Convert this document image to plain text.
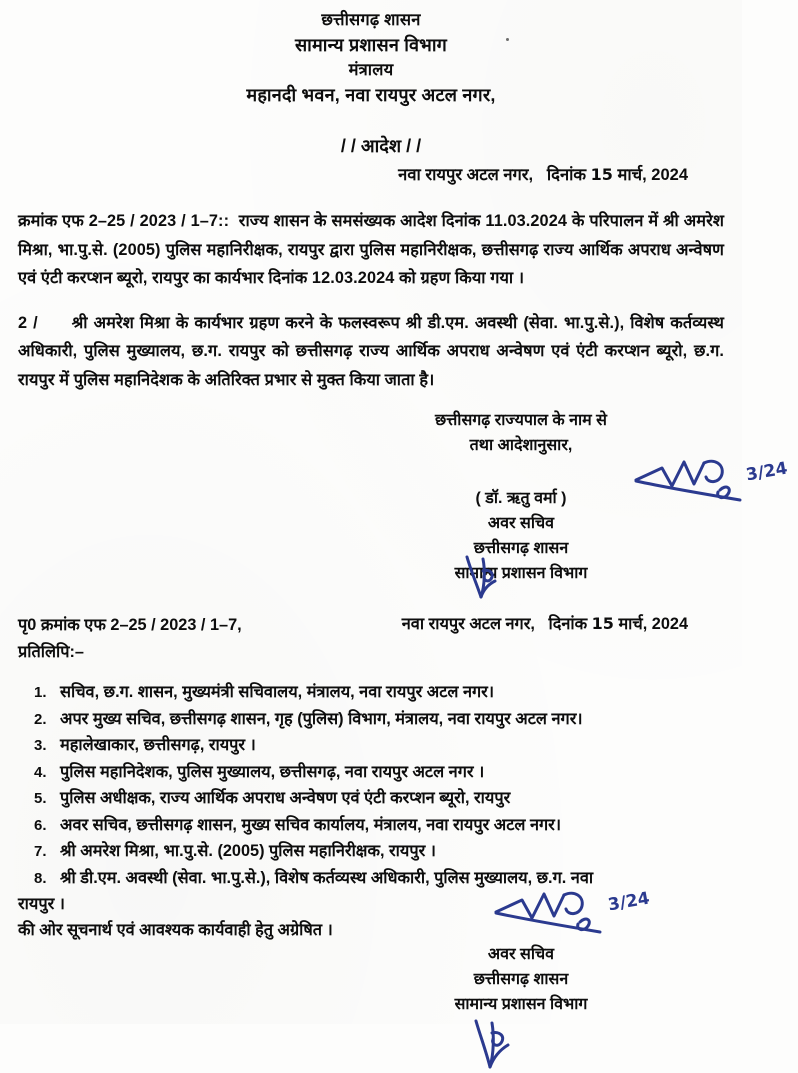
छत्तीसगढ़ शासन
सामान्य प्रशासन विभाग
मंत्रालय
महानदी भवन, नवा रायपुर अटल नगर,
/ / आदेश / /
नवा रायपुर अटल नगर, दिनांक 15 मार्च, 2024
क्रमांक एफ 2–25 / 2023 / 1–7:: राज्य शासन के समसंख्यक आदेश दिनांक 11.03.2024 के परिपालन में श्री अमरेश मिश्रा, भा.पु.से. (2005) पुलिस महानिरीक्षक, रायपुर द्वारा पुलिस महानिरीक्षक, छत्तीसगढ़ राज्य आर्थिक अपराध अन्वेषण एवं एंटी करप्शन ब्यूरो, रायपुर का कार्यभार दिनांक 12.03.2024 को ग्रहण किया गया ।
2 / श्री अमरेश मिश्रा के कार्यभार ग्रहण करने के फलस्वरूप श्री डी.एम. अवस्थी (सेवा. भा.पु.से.), विशेष कर्तव्यस्थ अधिकारी, पुलिस मुख्यालय, छ.ग. रायपुर को छत्तीसगढ़ राज्य आर्थिक अपराध अन्वेषण एवं एंटी करप्शन ब्यूरो, छ.ग. रायपुर में पुलिस महानिदेशक के अतिरिक्त प्रभार से मुक्त किया जाता है।
छत्तीसगढ़ राज्यपाल के नाम से
तथा आदेशानुसार,
3/24
( डॉ. ऋतु वर्मा )
अवर सचिव
छत्तीसगढ़ शासन
सामान्य प्रशासन विभाग
पृ0 क्रमांक एफ 2–25 / 2023 / 1–7,
प्रतिलिपि:–
नवा रायपुर अटल नगर, दिनांक 15 मार्च, 2024
1. सचिव, छ.ग. शासन, मुख्यमंत्री सचिवालय, मंत्रालय, नवा रायपुर अटल नगर।
2. अपर मुख्य सचिव, छत्तीसगढ़ शासन, गृह (पुलिस) विभाग, मंत्रालय, नवा रायपुर अटल नगर।
3. महालेखाकार, छत्तीसगढ़, रायपुर ।
4. पुलिस महानिदेशक, पुलिस मुख्यालय, छत्तीसगढ़, नवा रायपुर अटल नगर ।
5. पुलिस अधीक्षक, राज्य आर्थिक अपराध अन्वेषण एवं एंटी करप्शन ब्यूरो, रायपुर
6. अवर सचिव, छत्तीसगढ़ शासन, मुख्य सचिव कार्यालय, मंत्रालय, नवा रायपुर अटल नगर।
7. श्री अमरेश मिश्रा, भा.पु.से. (2005) पुलिस महानिरीक्षक, रायपुर ।
8. श्री डी.एम. अवस्थी (सेवा. भा.पु.से.), विशेष कर्तव्यस्थ अधिकारी, पुलिस मुख्यालय, छ.ग. नवा
रायपुर ।
की ओर सूचनार्थ एवं आवश्यक कार्यवाही हेतु अग्रेषित ।
3/24
अवर सचिव
छत्तीसगढ़ शासन
सामान्य प्रशासन विभाग
